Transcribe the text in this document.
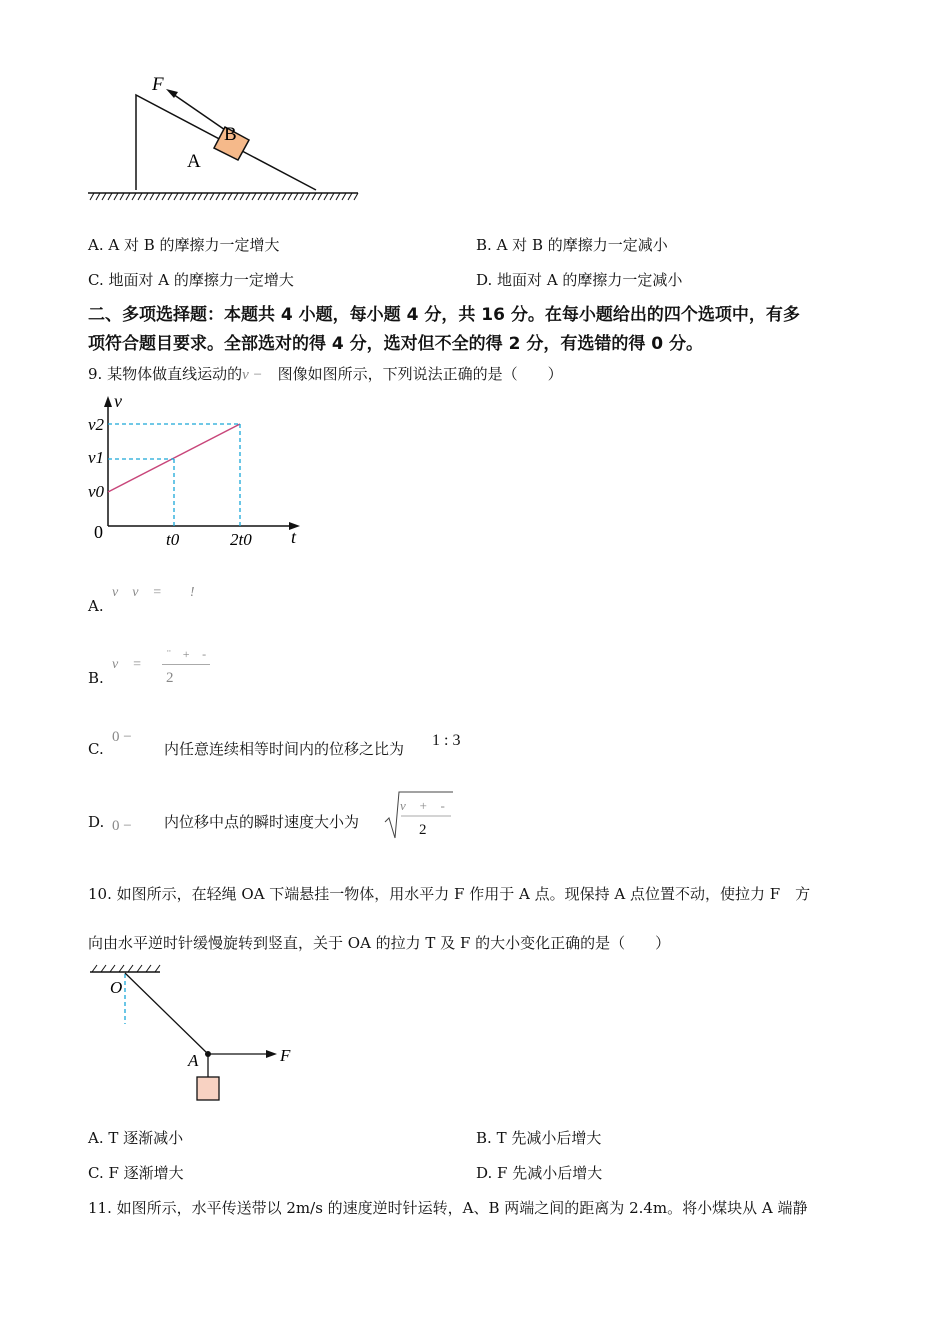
B
F
A
A. A 对 B 的摩擦力一定增大	B. A 对 B 的摩擦力一定减小
C. 地面对 A 的摩擦力一定增大	D. 地面对 A 的摩擦力一定减小
二、多项选择题：本题共 4 小题，每小题 4 分，共 16 分。在每小题给出的四个选项中，有多
项符合题目要求。全部选对的得 4 分，选对但不全的得 2 分，有选错的得 0 分。
9. 某物体做直线运动的v −　 图像如图所示，下列说法正确的是（　　）
v
t
0
v2
v1
v0
t0	2t0
A.
v　v　=　　!
B.
v　=
¨　+　-
2
C.
0 −
内任意连续相等时间内的位移之比为 1 : 3
D. 0 − 内位移中点的瞬时速度大小为
v　+　-
2
10. 如图所示，在轻绳 OA 下端悬挂一物体，用水平力 F 作用于 A 点。现保持 A 点位置不动，使拉力 F　方
向由水平逆时针缓慢旋转到竖直，关于 OA 的拉力 T 及 F 的大小变化正确的是（　　）
O
A	F
A. T 逐渐减小	B. T 先减小后增大
C. F 逐渐增大	D. F 先减小后增大
11. 如图所示，水平传送带以 2m/s 的速度逆时针运转，A、B 两端之间的距离为 2.4m。将小煤块从 A 端静
